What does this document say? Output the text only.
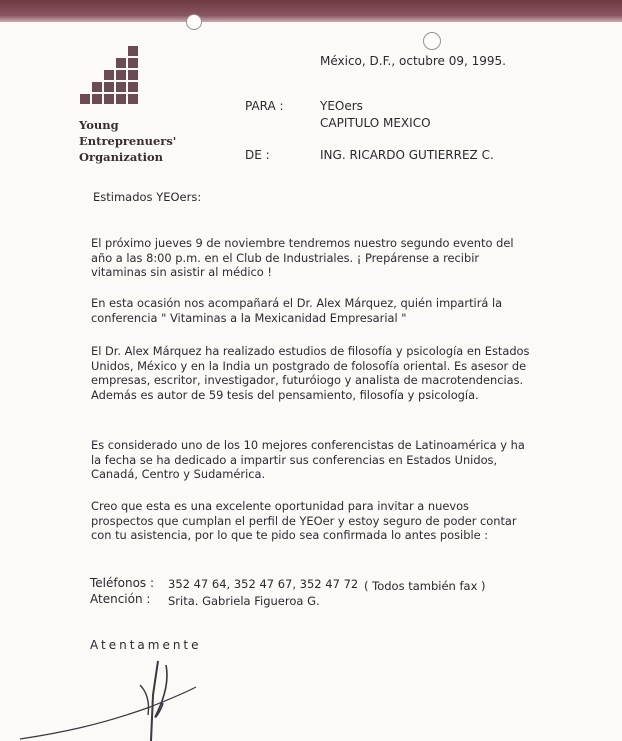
Young
Entreprenuers'
Organization
México, D.F., octubre 09, 1995.
PARA :	YEOers
CAPITULO MEXICO
DE :	ING. RICARDO GUTIERREZ C.
Estimados YEOers:

El próximo jueves 9 de noviembre tendremos nuestro segundo evento del año a las 8:00 p.m. en el Club de Industriales. ¡ Prepárense a recibir vitaminas sin asistir al médico !

En esta ocasión nos acompañará el Dr. Alex Márquez, quién impartirá la conferencia " Vitaminas a la Mexicanidad Empresarial "

El Dr. Alex Márquez ha realizado estudios de filosofía y psicología en Estados Unidos, México y en la India un postgrado de folosofía oriental. Es asesor de empresas, escritor, investigador, futuróiogo y analista de macrotendencias. Además es autor de 59 tesis del pensamiento, filosofía y psicología.

Es considerado uno de los 10 mejores conferencistas de Latinoamérica y ha la fecha se ha dedicado a impartir sus conferencias en Estados Unidos, Canadá, Centro y Sudamérica.

Creo que esta es una excelente oportunidad para invitar a nuevos prospectos que cumplan el perfil de YEOer y estoy seguro de poder contar con tu asistencia, por lo que te pido sea confirmada lo antes posible :

Teléfonos : 352 47 64, 352 47 67, 352 47 72 ( Todos también fax )
Atención : Srita. Gabriela Figueroa G.
Atentamente
